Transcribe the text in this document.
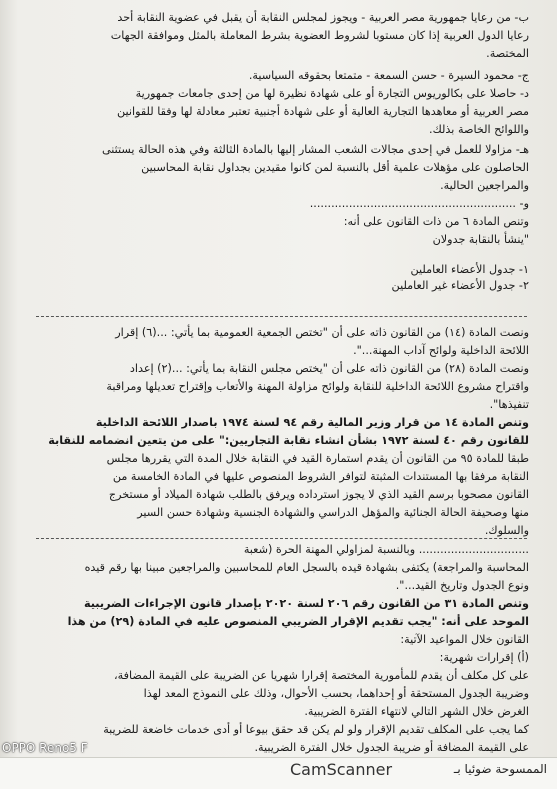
ب- من رعايا جمهورية مصر العربية - ويجوز لمجلس النقابة أن يقبل في عضوية النقابة أحد
رعايا الدول العربية إذا كان مستوبا لشروط العضوية بشرط المعاملة بالمثل وموافقة الجهات
المختصة.
ج- محمود السيرة - حسن السمعة - متمتعا بحقوقه السياسية.
د- حاصلا على بكالوريوس التجارة أو على شهادة نظيرة لها من إحدى جامعات جمهورية
مصر العربية أو معاهدها التجارية العالية أو على شهادة أجنبية تعتبر معادلة لها وفقا للقوانين
واللوائح الخاصة بذلك.
هـ- مزاولا للعمل في إحدى مجالات الشعب المشار إليها بالمادة الثالثة وفي هذه الحالة يستثنى
الحاصلون على مؤهلات علمية أقل بالنسبة لمن كانوا مقيدين بجداول نقابة المحاسبين
والمراجعين الحالية.
و- ..........................................................
وتنص المادة ٦ من ذات القانون على أنه:
"ينشأ بالنقابة جدولان
١- جدول الأعضاء العاملين
٢- جدول الأعضاء غير العاملين
ونصت المادة (١٤) من القانون ذاته على أن "تختص الجمعية العمومية بما يأتي: ...(٦) إقرار
اللائحة الداخلية ولوائح آداب المهنة...".
ونصت المادة (٢٨) من القانون ذاته على أن "يختص مجلس النقابة بما يأتي: ...(٢) إعداد
واقتراح مشروع اللائحة الداخلية للنقابة ولوائح مزاولة المهنة والأتعاب وإقتراح تعديلها ومراقبة
تنفيذها".
وتنص المادة ١٤ من قرار وزير المالية رقم ٩٤ لسنة ١٩٧٤ باصدار اللائحة الداخلية
للقانون رقم ٤٠ لسنة ١٩٧٢ بشأن انشاء نقابة التجاريين:" على من يتعين انضمامه للنقابة
طبقا للمادة ٩٥ من القانون أن يقدم استمارة القيد في النقابة خلال المدة التي يقررها مجلس
النقابة مرفقا بها المستندات المثبتة لتوافر الشروط المنصوص عليها في المادة الخامسة من
القانون مصحوبا برسم القيد الذي لا يجوز استرداده ويرفق بالطلب شهادة الميلاد أو مستخرج
منها وصحيفة الحالة الجنائية والمؤهل الدراسي والشهادة الجنسية وشهادة حسن السير
والسلوك.
............................... وبالنسبة لمزاولي المهنة الحرة (شعبة
المحاسبة والمراجعة) يكتفى بشهادة قيده بالسجل العام للمحاسبين والمراجعين مبينا بها رقم قيده
ونوع الجدول وتاريخ القيد...".
وتنص المادة ٣١ من القانون رقم ٢٠٦ لسنة ٢٠٢٠ بإصدار قانون الإجراءات الضريبية
الموحد على أنه: "يجب تقديم الإقرار الضريبي المنصوص عليه في المادة (٢٩) من هذا
القانون خلال المواعيد الآتية:
(أ) إقرارات شهرية:
على كل مكلف أن يقدم للمأمورية المختصة إقرارا شهريا عن الضريبة على القيمة المضافة،
وضريبة الجدول المستحقة أو إحداهما، بحسب الأحوال، وذلك على النموذج المعد لهذا
الغرض خلال الشهر التالي لانتهاء الفترة الضريبية.
كما يجب على المكلف تقديم الإقرار ولو لم يكن قد حقق بيوعا أو أدى خدمات خاضعة للضريبة
على القيمة المضافة أو ضريبة الجدول خلال الفترة الضريبية.
OPPO Reno5 F
الممسوحة ضوئيا بـ
CamScanner
